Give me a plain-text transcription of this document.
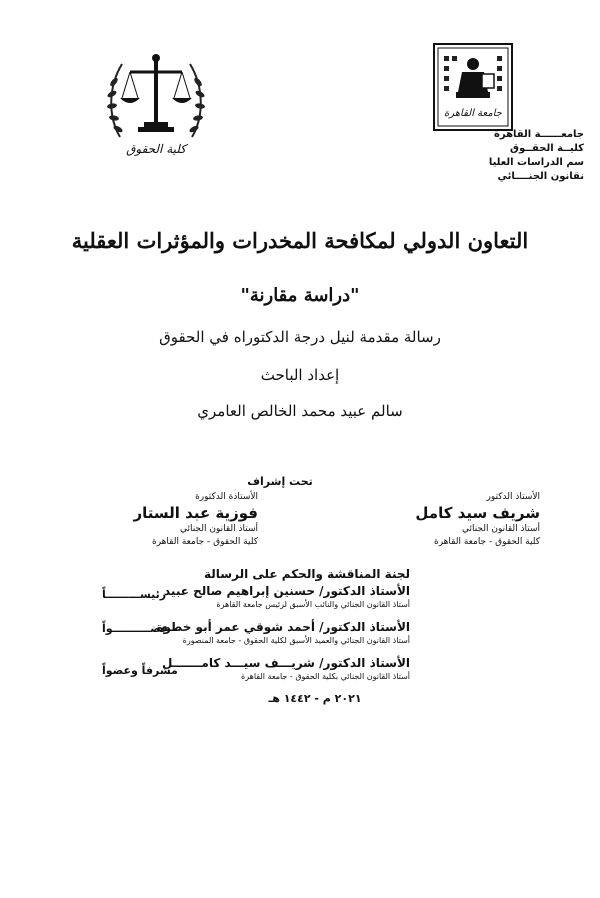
كلية الحقوق
جامعة القاهرة
جامعــــــة القاهرة
كليــة الحقــوق
سم الدراسات العليا
نقانون الجنــــائي
التعاون الدولي لمكافحة المخدرات والمؤثرات العقلية
"دراسة مقارنة"
رسالة مقدمة لنيل درجة الدكتوراه في الحقوق
إعداد الباحث
سالم عبيد محمد الخالص العامري
تحت إشراف
الأستاذ الدكتور
شريف سيد كامل
أستاذ القانون الجنائي
كلية الحقوق - جامعة القاهرة
الأستاذة الدكتورة
فوزية عبد الستار
أستاذ القانون الجنائي
كلية الحقوق - جامعة القاهرة
لجنة المناقشة والحكم على الرسالة
الأستاذ الدكتور/ حسنين إبراهيم صالح عبيد
أستاذ القانون الجنائي والنائب الأسبق لرئيس جامعة القاهرة
رئيســـــــــاً
الأستاذ الدكتور/ أحمد شوقي عمر أبو خطوة
أستاذ القانون الجنائي والعميد الأسبق لكلية الحقوق - جامعة المنصورة
عضــــــــــواً
الأستاذ الدكتور/ شريـــف سيـــد كامـــــــل
أستاذ القانون الجنائي بكلية الحقوق - جامعة القاهرة
مشرفاً وعضواً
٢٠٢١ م - ١٤٤٢ هـ
